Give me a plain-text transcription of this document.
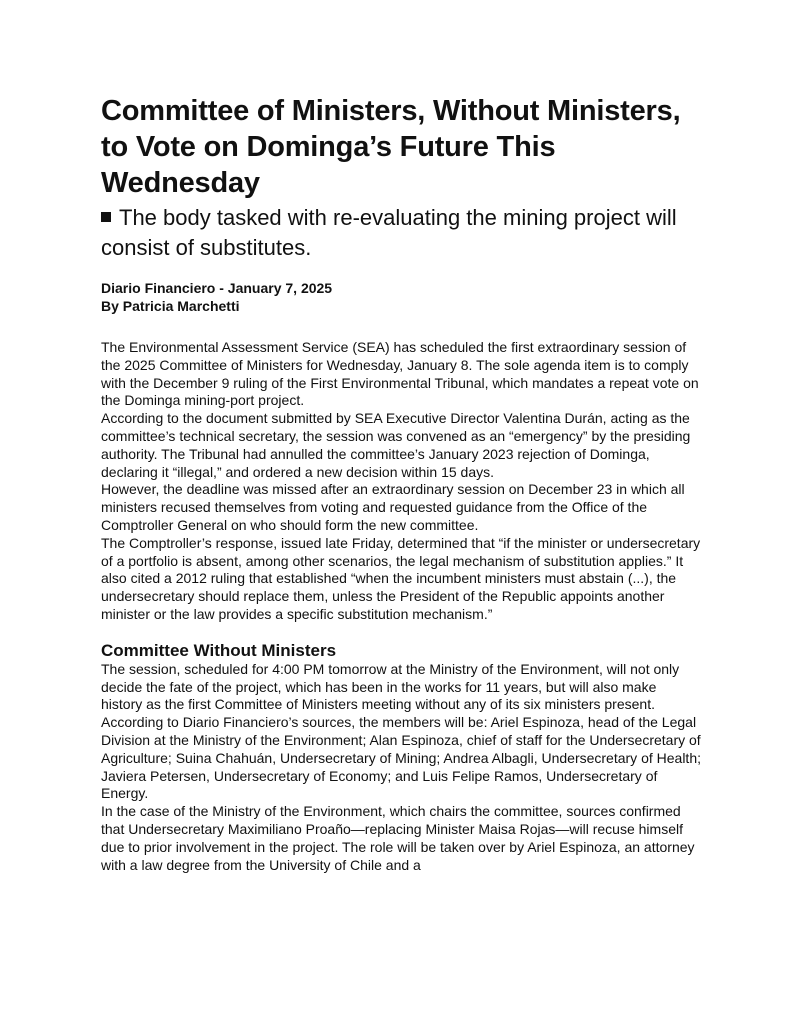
Committee of Ministers, Without Ministers, to Vote on Dominga’s Future This Wednesday
The body tasked with re-evaluating the mining project will consist of substitutes.
Diario Financiero - January 7, 2025
By Patricia Marchetti

The Environmental Assessment Service (SEA) has scheduled the first extraordinary session of the 2025 Committee of Ministers for Wednesday, January 8. The sole agenda item is to comply with the December 9 ruling of the First Environmental Tribunal, which mandates a repeat vote on the Dominga mining-port project.

According to the document submitted by SEA Executive Director Valentina Durán, acting as the committee’s technical secretary, the session was convened as an “emergency” by the presiding authority. The Tribunal had annulled the committee’s January 2023 rejection of Dominga, declaring it “illegal,” and ordered a new decision within 15 days.

However, the deadline was missed after an extraordinary session on December 23 in which all ministers recused themselves from voting and requested guidance from the Office of the Comptroller General on who should form the new committee.

The Comptroller’s response, issued late Friday, determined that “if the minister or undersecretary of a portfolio is absent, among other scenarios, the legal mechanism of substitution applies.” It also cited a 2012 ruling that established “when the incumbent ministers must abstain (...), the undersecretary should replace them, unless the President of the Republic appoints another minister or the law provides a specific substitution mechanism.”

Committee Without Ministers

The session, scheduled for 4:00 PM tomorrow at the Ministry of the Environment, will not only decide the fate of the project, which has been in the works for 11 years, but will also make history as the first Committee of Ministers meeting without any of its six ministers present.

According to Diario Financiero’s sources, the members will be: Ariel Espinoza, head of the Legal Division at the Ministry of the Environment; Alan Espinoza, chief of staff for the Undersecretary of Agriculture; Suina Chahuán, Undersecretary of Mining; Andrea Albagli, Undersecretary of Health; Javiera Petersen, Undersecretary of Economy; and Luis Felipe Ramos, Undersecretary of Energy.

In the case of the Ministry of the Environment, which chairs the committee, sources confirmed that Undersecretary Maximiliano Proaño—replacing Minister Maisa Rojas—will recuse himself due to prior involvement in the project. The role will be taken over by Ariel Espinoza, an attorney with a law degree from the University of Chile and a
